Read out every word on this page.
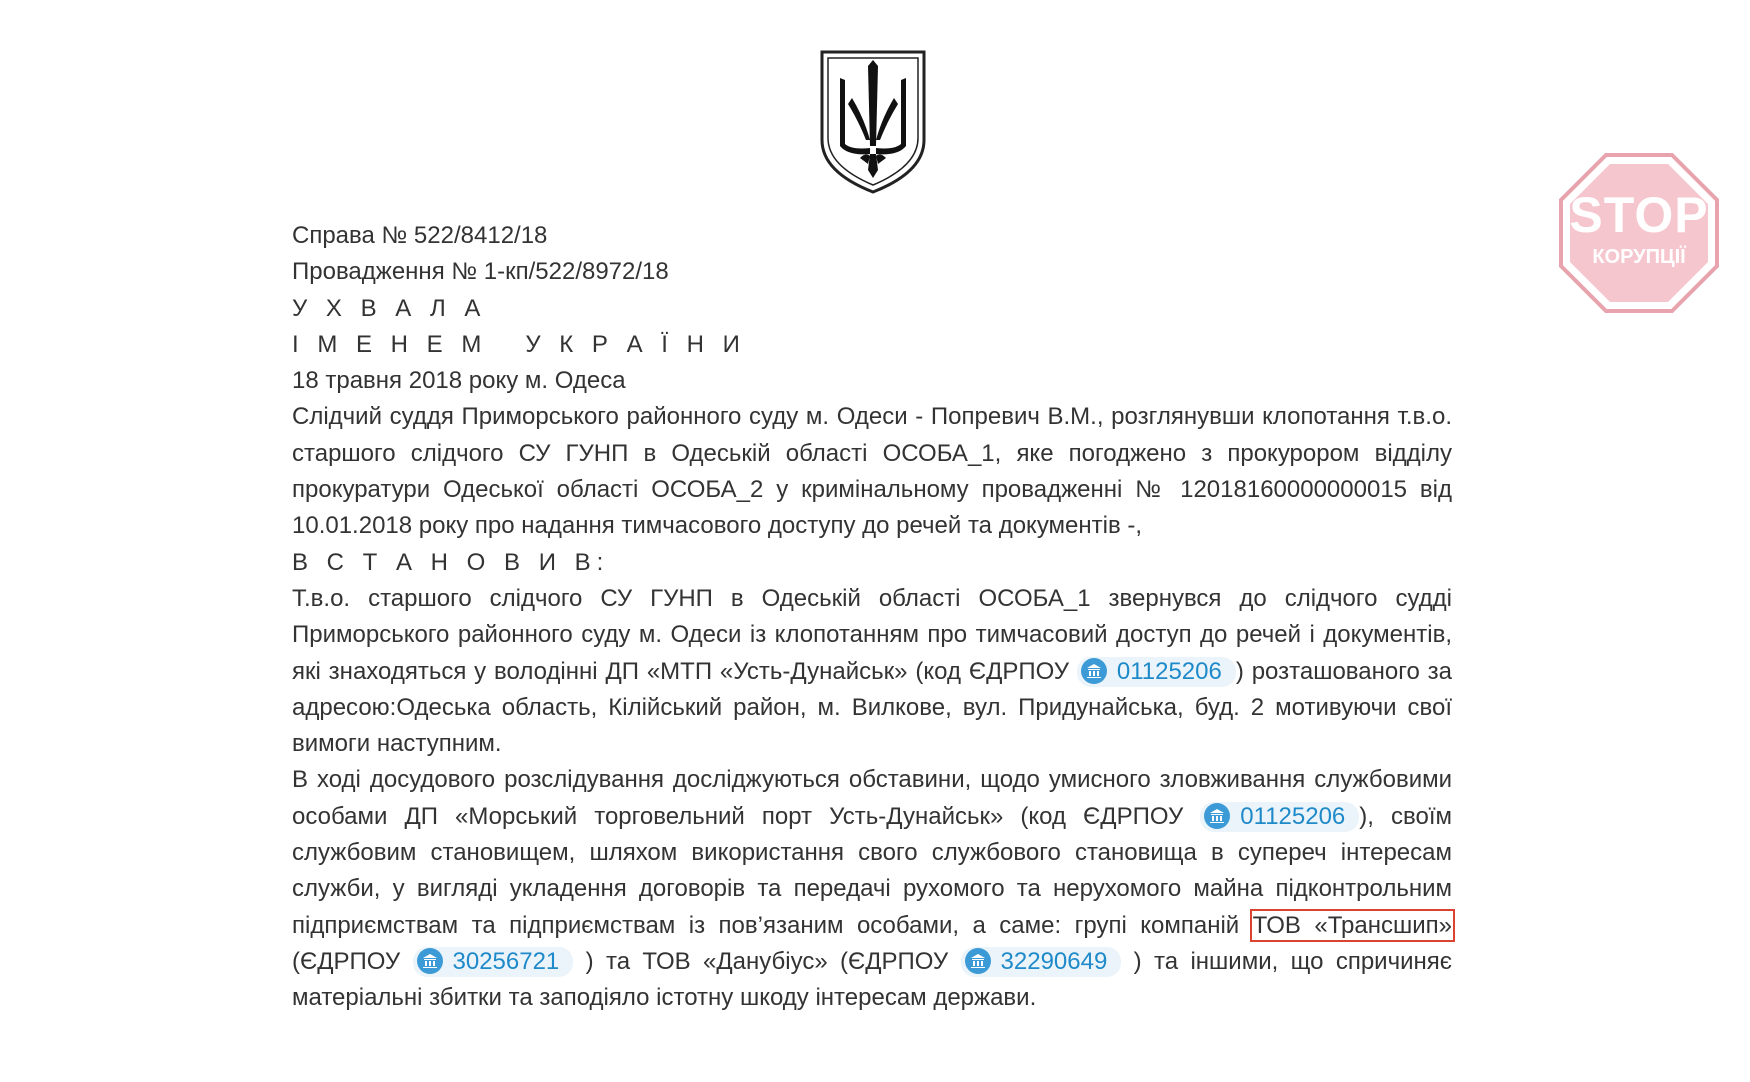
STOP
КОРУПЦІЇ
Справа № 522/8412/18
Провадження № 1-кп/522/8972/18
У Х В А Л А
І М Е Н Е М   У К Р А Ї Н И
18 травня 2018 року м. Одеса
Слідчий суддя Приморського районного суду м. Одеси - Попревич В.М., розглянувши клопотання т.в.о. старшого слідчого СУ ГУНП в Одеській області ОСОБА_1, яке погоджено з прокурором відділу прокуратури Одеської області ОСОБА_2 у кримінальному провадженні № 12018160000000015 від 10.01.2018 року про надання тимчасового доступу до речей та документів -,
В С Т А Н О В И В:
Т.в.о. старшого слідчого СУ ГУНП в Одеській області ОСОБА_1 звернувся до слідчого судді Приморського районного суду м. Одеси із клопотанням про тимчасовий доступ до речей і документів, які знаходяться у володінні ДП «МТП «Усть-Дунайськ» (код ЄДРПОУ 01125206 ) розташованого за адресою:Одеська область, Кілійський район, м. Вилкове, вул. Придунайська, буд. 2 мотивуючи свої вимоги наступним.
В ході досудового розслідування досліджуються обставини, щодо умисного зловживання службовими особами ДП «Морський торговельний порт Усть-Дунайськ» (код ЄДРПОУ 01125206 ), своїм службовим становищем, шляхом використання свого службового становища в супереч інтересам служби, у вигляді укладення договорів та передачі рухомого та нерухомого майна підконтрольним підприємствам та підприємствам із пов’язаним особами, а саме: групі компаній ТОВ «Трансшип» (ЄДРПОУ 30256721 ) та ТОВ «Данубіус» (ЄДРПОУ 32290649 ) та іншими, що спричиняє матеріальні збитки та заподіяло істотну шкоду інтересам держави.
